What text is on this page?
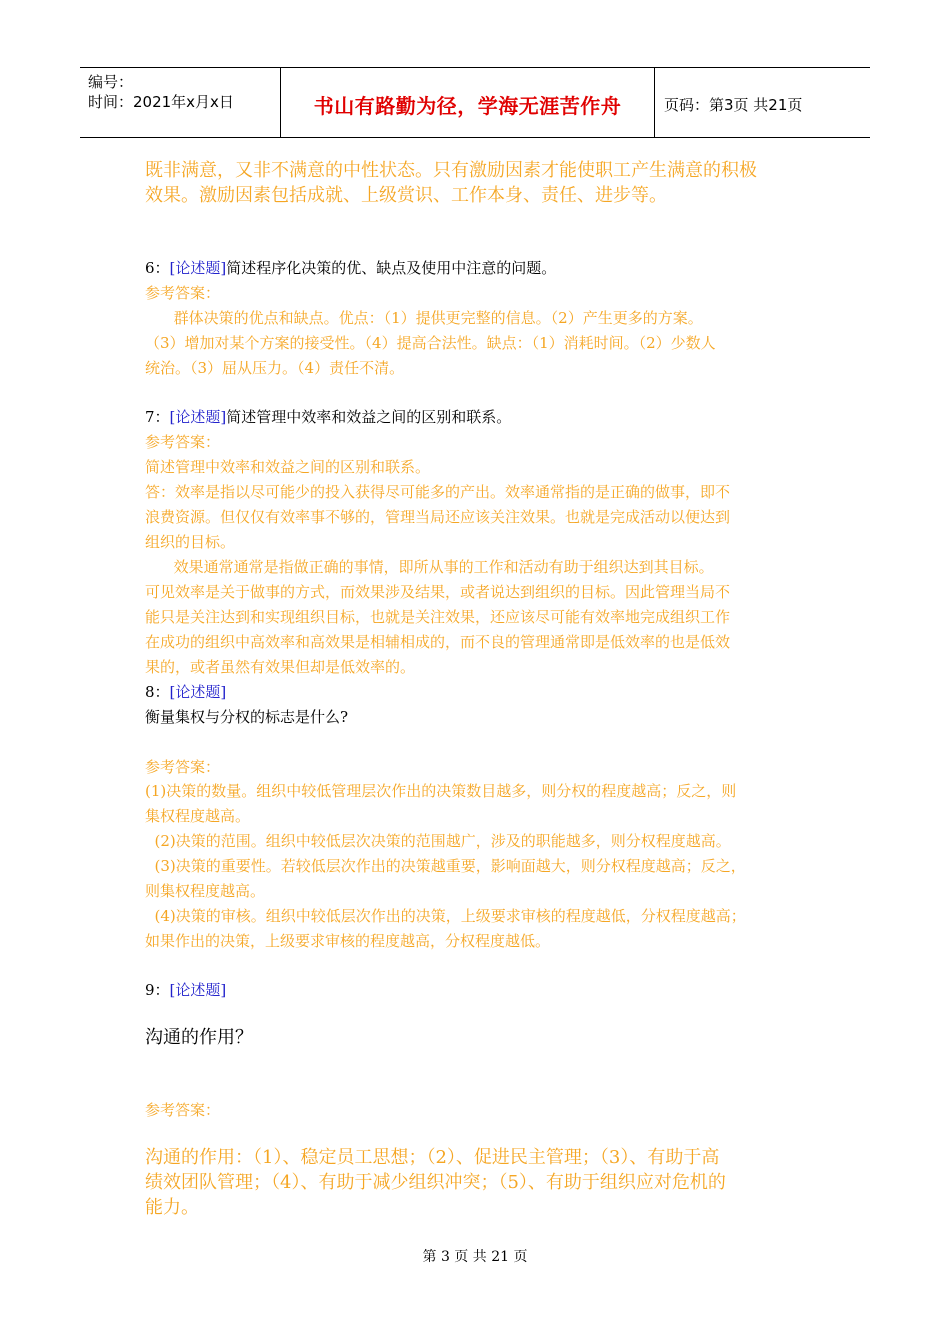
编号：
时间：2021年x月x日	书山有路勤为径，学海无涯苦作舟	页码：第3页 共21页
既非满意，又非不满意的中性状态。只有激励因素才能使职工产生满意的积极
效果。激励因素包括成就、上级赏识、工作本身、责任、进步等。
6：[论述题]简述程序化决策的优、缺点及使用中注意的问题。
参考答案：
群体决策的优点和缺点。优点：（1）提供更完整的信息。（2）产生更多的方案。
（3）增加对某个方案的接受性。（4）提高合法性。缺点：（1）消耗时间。（2）少数人
统治。（3）屈从压力。（4）责任不清。
7：[论述题]简述管理中效率和效益之间的区别和联系。
参考答案：
简述管理中效率和效益之间的区别和联系。
答：效率是指以尽可能少的投入获得尽可能多的产出。效率通常指的是正确的做事，即不
浪费资源。但仅仅有效率事不够的，管理当局还应该关注效果。也就是完成活动以便达到
组织的目标。
效果通常通常是指做正确的事情，即所从事的工作和活动有助于组织达到其目标。
可见效率是关于做事的方式，而效果涉及结果，或者说达到组织的目标。因此管理当局不
能只是关注达到和实现组织目标，也就是关注效果，还应该尽可能有效率地完成组织工作
在成功的组织中高效率和高效果是相辅相成的，而不良的管理通常即是低效率的也是低效
果的，或者虽然有效果但却是低效率的。
8：[论述题]
衡量集权与分权的标志是什么?
参考答案：
(1)决策的数量。组织中较低管理层次作出的决策数目越多，则分权的程度越高；反之，则
集权程度越高。
(2)决策的范围。组织中较低层次决策的范围越广，涉及的职能越多，则分权程度越高。
(3)决策的重要性。若较低层次作出的决策越重要，影响面越大，则分权程度越高；反之，
则集权程度越高。
(4)决策的审核。组织中较低层次作出的决策，上级要求审核的程度越低，分权程度越高；
如果作出的决策，上级要求审核的程度越高，分权程度越低。
9：[论述题]
沟通的作用？
参考答案：
沟通的作用：（1）、稳定员工思想；（2）、促进民主管理；（3）、有助于高
绩效团队管理；（4）、有助于减少组织冲突；（5）、有助于组织应对危机的
能力。
第 3 页 共 21 页
